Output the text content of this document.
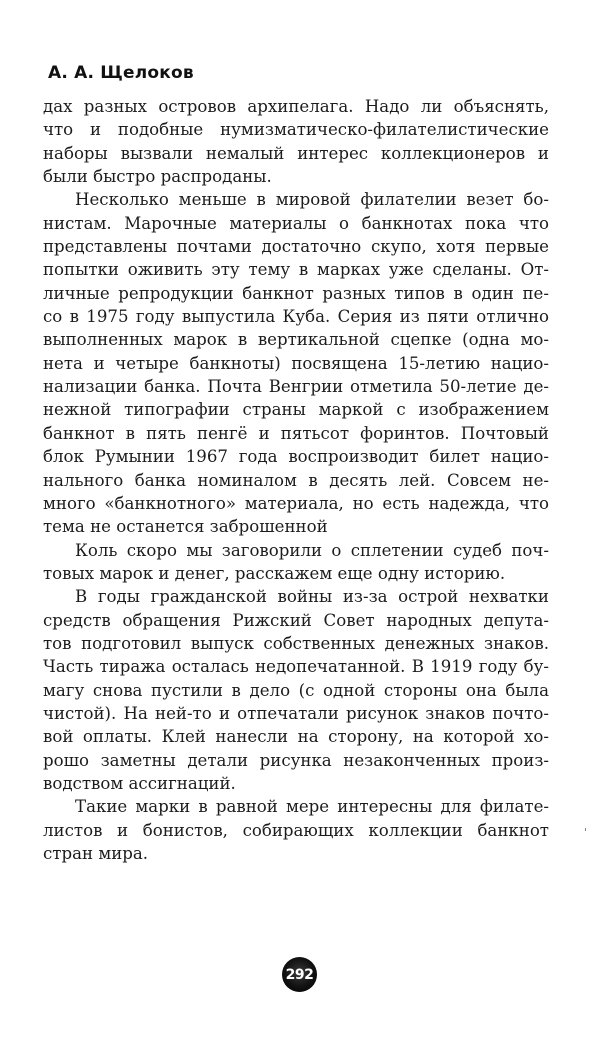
А. А. Щелоков
дах разных островов архипелага. Надо ли объяснять,
что и подобные нумизматическо-филателистические
наборы вызвали немалый интерес коллекционеров и
были быстро распроданы.
Несколько меньше в мировой филателии везет бо-
нистам. Марочные материалы о банкнотах пока что
представлены почтами достаточно скупо, хотя первые
попытки оживить эту тему в марках уже сделаны. От-
личные репродукции банкнот разных типов в один пе-
со в 1975 году выпустила Куба. Серия из пяти отлично
выполненных марок в вертикальной сцепке (одна мо-
нета и четыре банкноты) посвящена 15-летию нацио-
нализации банка. Почта Венгрии отметила 50-летие де-
нежной типографии страны маркой с изображением
банкнот в пять пенгё и пятьсот форинтов. Почтовый
блок Румынии 1967 года воспроизводит билет нацио-
нального банка номиналом в десять лей. Совсем не-
много «банкнотного» материала, но есть надежда, что
тема не останется заброшенной
Коль скоро мы заговорили о сплетении судеб поч-
товых марок и денег, расскажем еще одну историю.
В годы гражданской войны из-за острой нехватки
средств обращения Рижский Совет народных депута-
тов подготовил выпуск собственных денежных знаков.
Часть тиража осталась недопечатанной. В 1919 году бу-
магу снова пустили в дело (с одной стороны она была
чистой). На ней-то и отпечатали рисунок знаков почто-
вой оплаты. Клей нанесли на сторону, на которой хо-
рошо заметны детали рисунка незаконченных произ-
водством ассигнаций.
Такие марки в равной мере интересны для филате-
листов и бонистов, собирающих коллекции банкнот
стран мира.
292
